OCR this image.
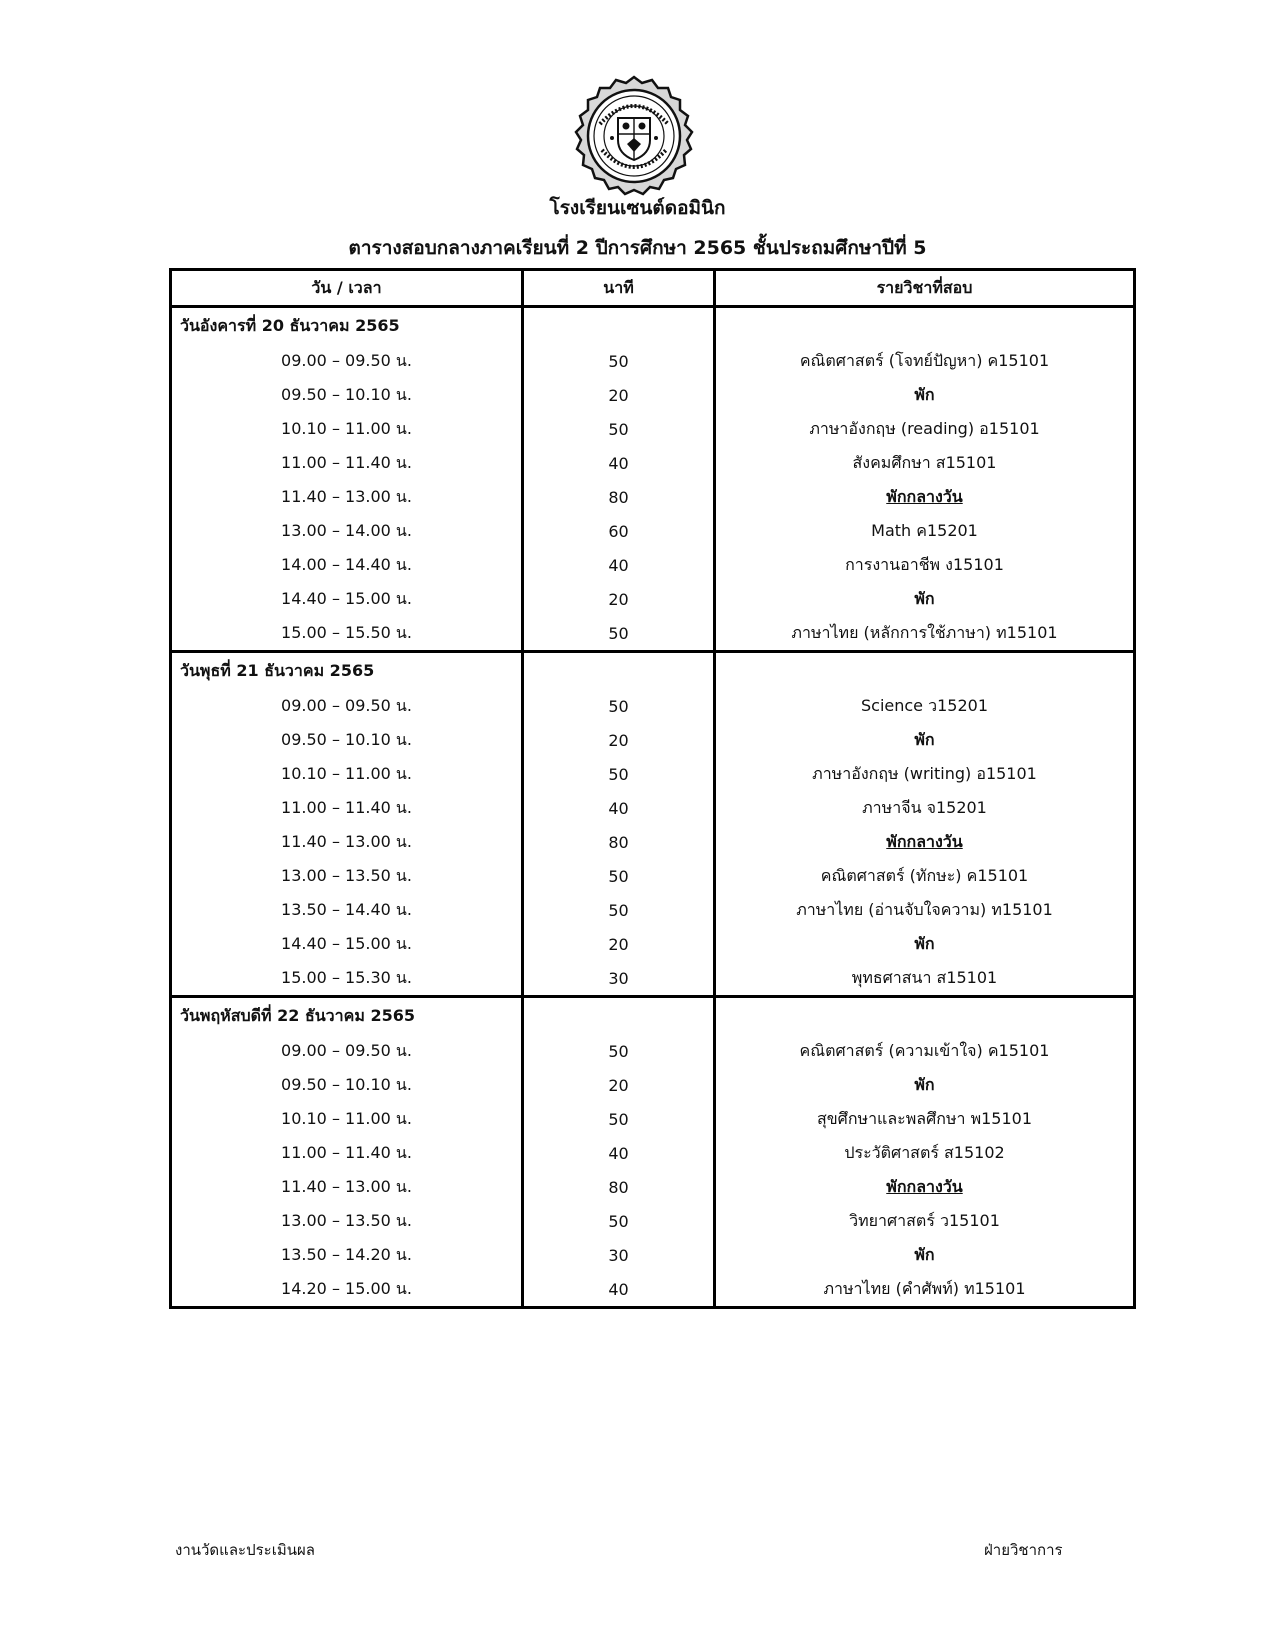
โรงเรียนเซนต์ดอมินิก
ตารางสอบกลางภาคเรียนที่ 2 ปีการศึกษา 2565 ชั้นประถมศึกษาปีที่ 5
วัน / เวลา	นาที	รายวิชาที่สอบ
วันอังคารที่ 20 ธันวาคม 2565		
09.00 – 09.50 น.	50	คณิตศาสตร์ (โจทย์ปัญหา) ค15101
09.50 – 10.10 น.	20	พัก
10.10 – 11.00 น.	50	ภาษาอังกฤษ (reading) อ15101
11.00 – 11.40 น.	40	สังคมศึกษา ส15101
11.40 – 13.00 น.	80	พักกลางวัน
13.00 – 14.00 น.	60	Math ค15201
14.00 – 14.40 น.	40	การงานอาชีพ ง15101
14.40 – 15.00 น.	20	พัก
15.00 – 15.50 น.	50	ภาษาไทย (หลักการใช้ภาษา) ท15101
วันพุธที่ 21 ธันวาคม 2565		
09.00 – 09.50 น.	50	Science ว15201
09.50 – 10.10 น.	20	พัก
10.10 – 11.00 น.	50	ภาษาอังกฤษ (writing) อ15101
11.00 – 11.40 น.	40	ภาษาจีน จ15201
11.40 – 13.00 น.	80	พักกลางวัน
13.00 – 13.50 น.	50	คณิตศาสตร์ (ทักษะ) ค15101
13.50 – 14.40 น.	50	ภาษาไทย (อ่านจับใจความ) ท15101
14.40 – 15.00 น.	20	พัก
15.00 – 15.30 น.	30	พุทธศาสนา ส15101
วันพฤหัสบดีที่ 22 ธันวาคม 2565		
09.00 – 09.50 น.	50	คณิตศาสตร์ (ความเข้าใจ) ค15101
09.50 – 10.10 น.	20	พัก
10.10 – 11.00 น.	50	สุขศึกษาและพลศึกษา พ15101
11.00 – 11.40 น.	40	ประวัติศาสตร์ ส15102
11.40 – 13.00 น.	80	พักกลางวัน
13.00 – 13.50 น.	50	วิทยาศาสตร์ ว15101
13.50 – 14.20 น.	30	พัก
14.20 – 15.00 น.	40	ภาษาไทย (คำศัพท์) ท15101
งานวัดและประเมินผล	ฝ่ายวิชาการ
